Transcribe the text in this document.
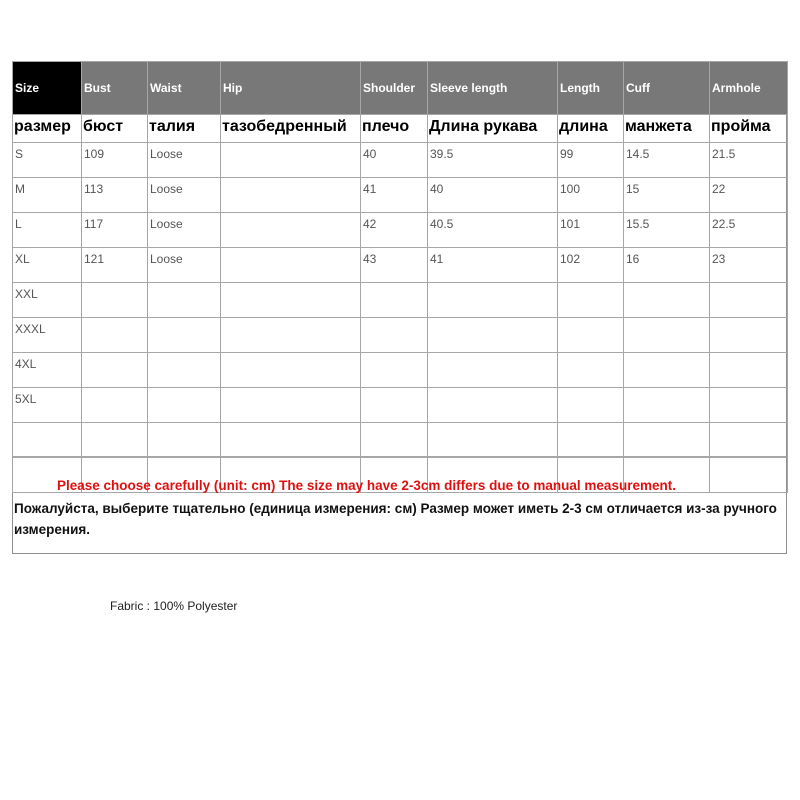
Size	Bust	Waist	Hip	Shoulder	Sleeve length	Length	Cuff	Armhole
размер	бюст	талия	тазобедренный	плечо	Длина рукава	длина	манжета	пройма
S	109	Loose		40	39.5	99	14.5	21.5
M	113	Loose		41	40	100	15	22
L	117	Loose		42	40.5	101	15.5	22.5
XL	121	Loose		43	41	102	16	23
XXL								
XXXL								
4XL								
5XL								

Please choose carefully (unit: cm) The size may have 2-3cm differs due to manual measurement.
Пожалуйста, выберите тщательно (единица измерения: см) Размер может иметь 2-3 см отличается из-за ручного измерения.
Fabric : 100% Polyester
